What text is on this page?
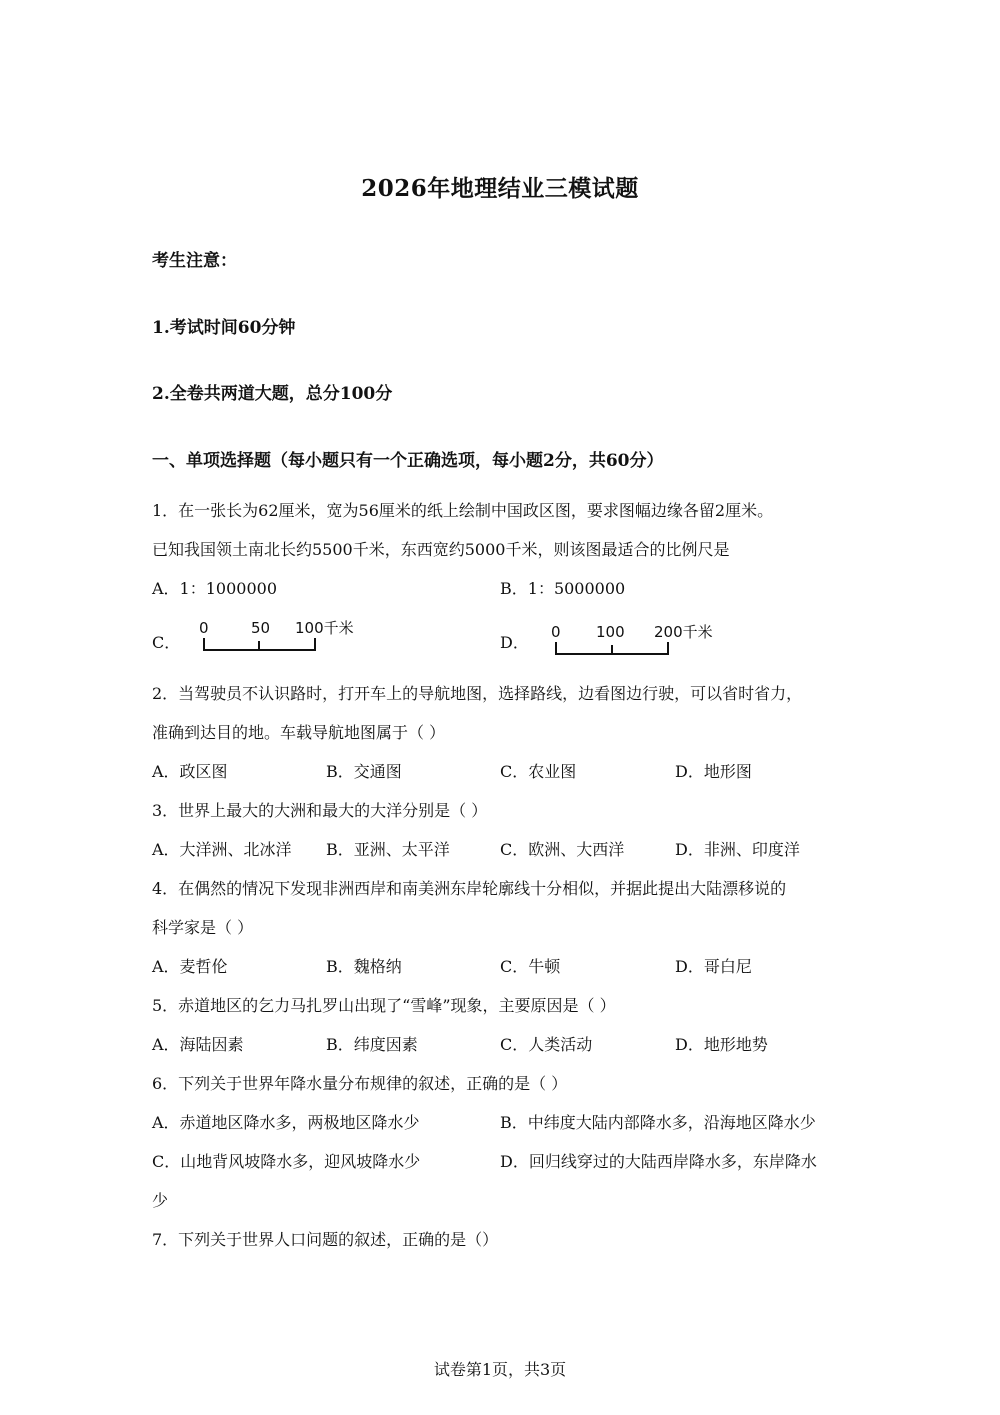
2026年地理结业三模试题
考生注意：
1.考试时间60分钟
2.全卷共两道大题，总分100分
一、单项选择题（每小题只有一个正确选项，每小题2分，共60分）
1．在一张长为62厘米，宽为56厘米的纸上绘制中国政区图，要求图幅边缘各留2厘米。
已知我国领土南北长约5500千米，东西宽约5000千米，则该图最适合的比例尺是
A．1：1000000	B．1：5000000
C．
0	50 100千米
D．
0 100 200千米
2．当驾驶员不认识路时，打开车上的导航地图，选择路线，边看图边行驶，可以省时省力，
准确到达目的地。车载导航地图属于（ ）
A．政区图	B．交通图	C．农业图	D．地形图
3．世界上最大的大洲和最大的大洋分别是（ ）
A．大洋洲、北冰洋 B．亚洲、太平洋	C．欧洲、大西洋	D．非洲、印度洋
4．在偶然的情况下发现非洲西岸和南美洲东岸轮廓线十分相似，并据此提出大陆漂移说的
科学家是（ ）
A．麦哲伦	B．魏格纳	C．牛顿	D．哥白尼
5．赤道地区的乞力马扎罗山出现了“雪峰”现象，主要原因是（ ）
A．海陆因素	B．纬度因素	C．人类活动	D．地形地势
6．下列关于世界年降水量分布规律的叙述，正确的是（ ）
A．赤道地区降水多，两极地区降水少	B．中纬度大陆内部降水多，沿海地区降水少
C．山地背风坡降水多，迎风坡降水少	D．回归线穿过的大陆西岸降水多，东岸降水
少
7．下列关于世界人口问题的叙述，正确的是（）
试卷第1页，共3页
